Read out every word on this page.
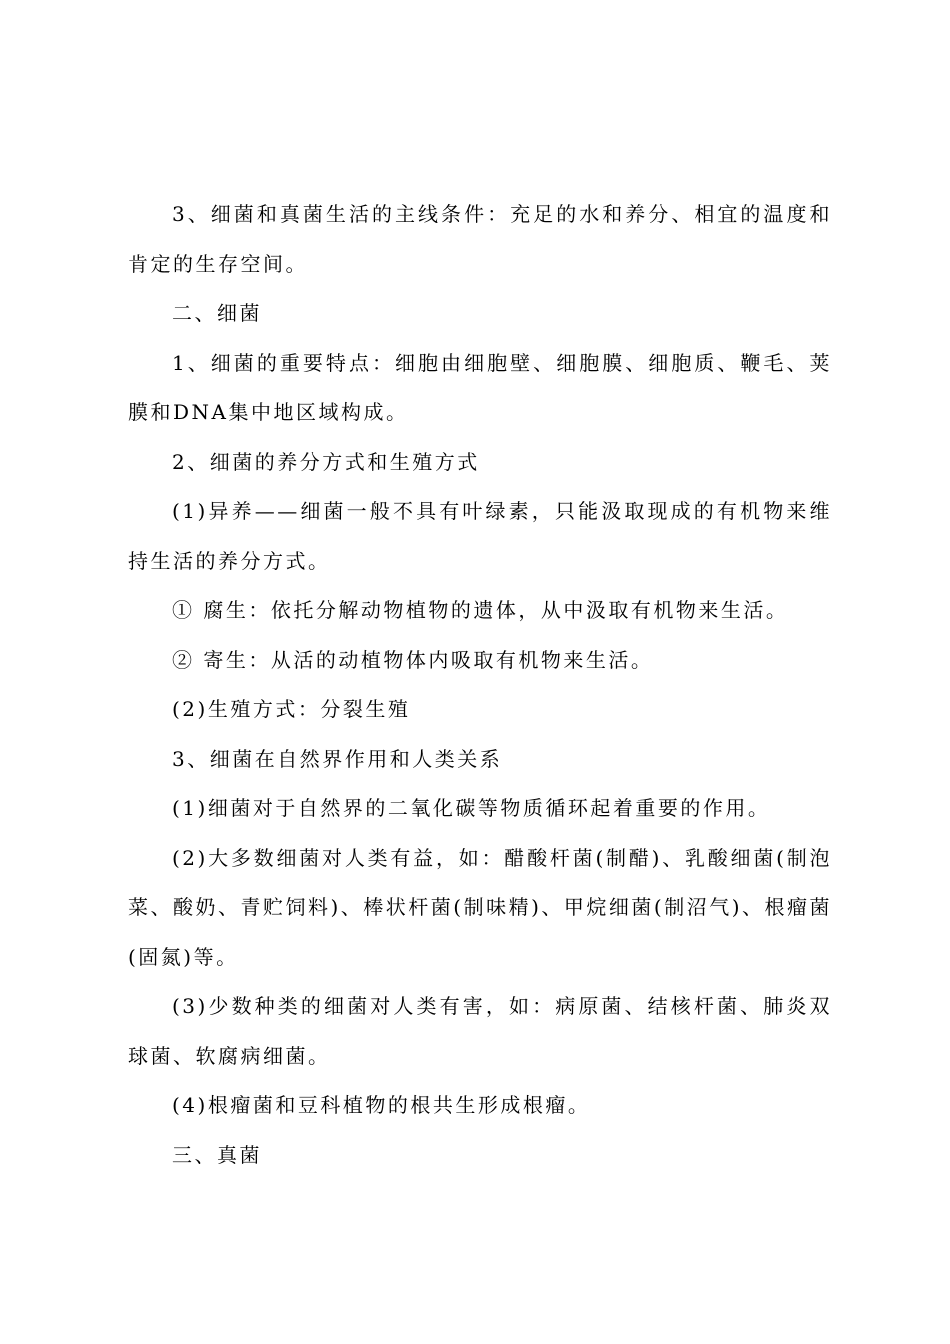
3、细菌和真菌生活的主线条件：充足的水和养分、相宜的温度和肯定的生存空间。

二、细菌

1、细菌的重要特点：细胞由细胞壁、细胞膜、细胞质、鞭毛、荚膜和DNA集中地区域构成。

2、细菌的养分方式和生殖方式

(1)异养——细菌一般不具有叶绿素，只能汲取现成的有机物来维持生活的养分方式。

① 腐生：依托分解动物植物的遗体，从中汲取有机物来生活。

② 寄生：从活的动植物体内吸取有机物来生活。

(2)生殖方式：分裂生殖

3、细菌在自然界作用和人类关系

(1)细菌对于自然界的二氧化碳等物质循环起着重要的作用。

(2)大多数细菌对人类有益，如：醋酸杆菌(制醋)、乳酸细菌(制泡菜、酸奶、青贮饲料)、棒状杆菌(制味精)、甲烷细菌(制沼气)、根瘤菌(固氮)等。

(3)少数种类的细菌对人类有害，如：病原菌、结核杆菌、肺炎双球菌、软腐病细菌。

(4)根瘤菌和豆科植物的根共生形成根瘤。

三、真菌
